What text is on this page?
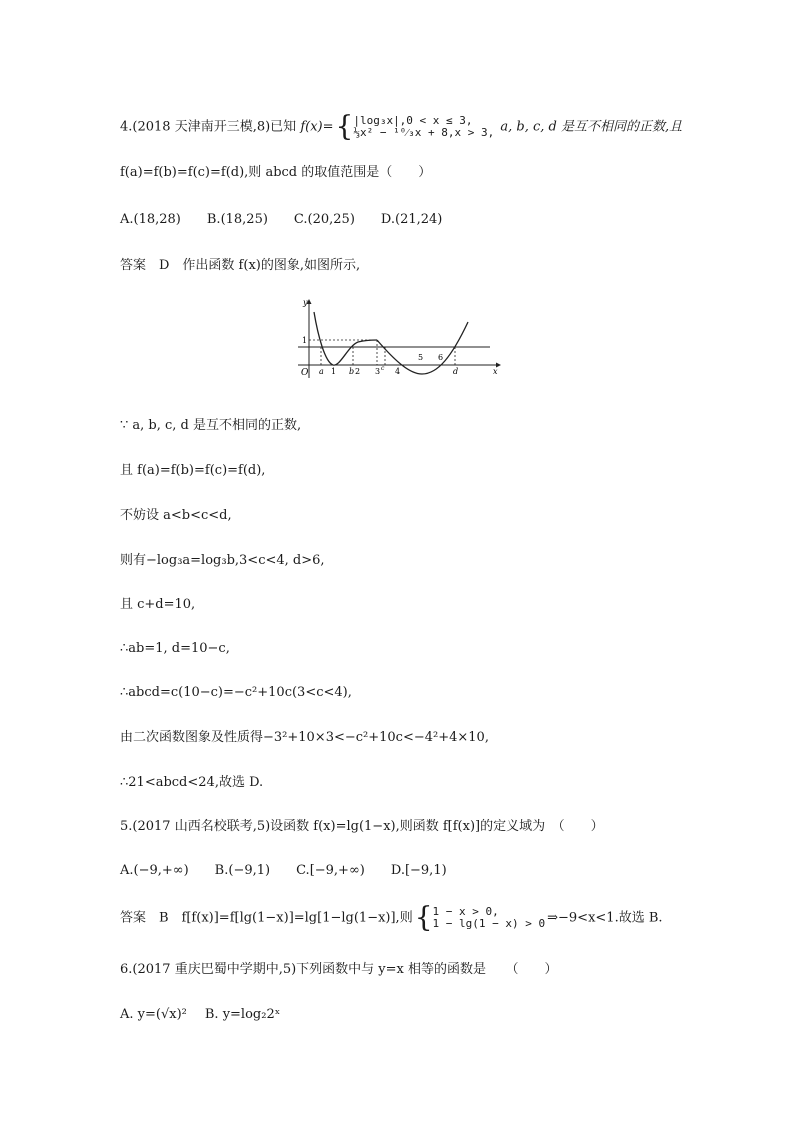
4.(2018 天津南开三模,8)已知 f(x)={|log₃x|,0 < x ≤ 3,
⅓x² − ¹⁰⁄₃x + 8,x > 3, a, b, c, d 是互不相同的正数,且
f(a)=f(b)=f(c)=f(d),则 abcd 的取值范围是（　　）
A.(18,28)　　B.(18,25)　　C.(20,25)　　D.(21,24)
答案　D　作出函数 f(x)的图象,如图所示,
y
x
O
1
a 1 b 2 3 c 4
5 6
d
∵ a, b, c, d 是互不相同的正数,
且 f(a)=f(b)=f(c)=f(d),
不妨设 a<b<c<d,
则有−log₃a=log₃b,3<c<4, d>6,
且 c+d=10,
∴ab=1, d=10−c,
∴abcd=c(10−c)=−c²+10c(3<c<4),
由二次函数图象及性质得−3²+10×3<−c²+10c<−4²+4×10,
∴21<abcd<24,故选 D.
5.(2017 山西名校联考,5)设函数 f(x)=lg(1−x),则函数 f[f(x)]的定义域为　（　　）
A.(−9,+∞)　　B.(−9,1)　　C.[−9,+∞)　　D.[−9,1)
答案　B　f[f(x)]=f[lg(1−x)]=lg[1−lg(1−x)],则{1 − x > 0,
1 − lg(1 − x) > 0 ⇒−9<x<1.故选 B.
6.(2017 重庆巴蜀中学期中,5)下列函数中与 y=x 相等的函数是　　（　　）
A. y=(√x)² B. y=log₂2ˣ
